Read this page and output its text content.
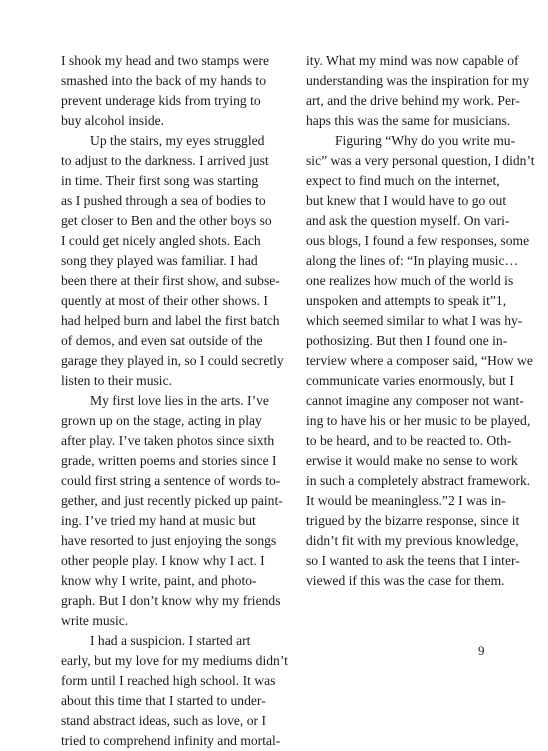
I shook my head and two stamps were
smashed into the back of my hands to
prevent underage kids from trying to
buy alcohol inside.
Up the stairs, my eyes struggled
to adjust to the darkness. I arrived just
in time. Their first song was starting
as I pushed through a sea of bodies to
get closer to Ben and the other boys so
I could get nicely angled shots. Each
song they played was familiar. I had
been there at their first show, and subse-
quently at most of their other shows. I
had helped burn and label the first batch
of demos, and even sat outside of the
garage they played in, so I could secretly
listen to their music.
My first love lies in the arts. I’ve
grown up on the stage, acting in play
after play. I’ve taken photos since sixth
grade, written poems and stories since I
could first string a sentence of words to-
gether, and just recently picked up paint-
ing. I’ve tried my hand at music but
have resorted to just enjoying the songs
other people play. I know why I act. I
know why I write, paint, and photo-
graph. But I don’t know why my friends
write music.
I had a suspicion. I started art
early, but my love for my mediums didn’t
form until I reached high school. It was
about this time that I started to under-
stand abstract ideas, such as love, or I
tried to comprehend infinity and mortal-
ity. What my mind was now capable of
understanding was the inspiration for my
art, and the drive behind my work. Per-
haps this was the same for musicians.
Figuring “Why do you write mu-
sic” was a very personal question, I didn’t
expect to find much on the internet,
but knew that I would have to go out
and ask the question myself. On vari-
ous blogs, I found a few responses, some
along the lines of: “In playing music…
one realizes how much of the world is
unspoken and attempts to speak it”1,
which seemed similar to what I was hy-
pothosizing. But then I found one in-
terview where a composer said, “How we
communicate varies enormously, but I
cannot imagine any composer not want-
ing to have his or her music to be played,
to be heard, and to be reacted to. Oth-
erwise it would make no sense to work
in such a completely abstract framework.
It would be meaningless.”2 I was in-
trigued by the bizarre response, since it
didn’t fit with my previous knowledge,
so I wanted to ask the teens that I inter-
viewed if this was the case for them.
9
